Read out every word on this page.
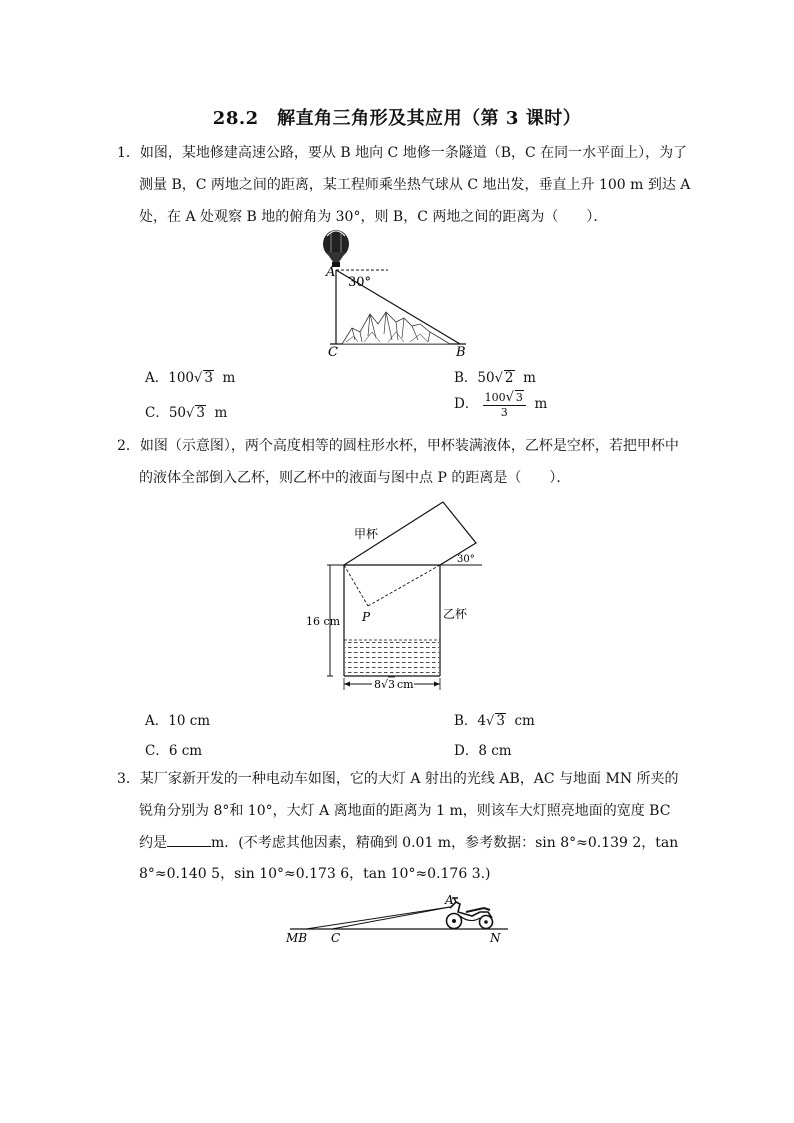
28.2　解直角三角形及其应用（第 3 课时）
1．如图，某地修建高速公路，要从 B 地向 C 地修一条隧道（B，C 在同一水平面上），为了
测量 B，C 两地之间的距离，某工程师乘坐热气球从 C 地出发，垂直上升 100 m 到达 A
处，在 A 处观察 B 地的俯角为 30°，则 B，C 两地之间的距离为（　　）．
A
30°
C	B
A．100√ 3 m	B．50√ 2 m
C．50√ 3 m
D． $\frac{100√ 3}{3}$ m
2．如图（示意图），两个高度相等的圆柱形水杯，甲杯装满液体，乙杯是空杯，若把甲杯中
的液体全部倒入乙杯，则乙杯中的液面与图中点 P 的距离是（　　）．
8 √ 3 cm
甲杯
30°
乙杯
16 cm P
A．10 cm	B．4√ 3 cm
C．6 cm	D．8 cm
3．某厂家新开发的一种电动车如图，它的大灯 A 射出的光线 AB，AC 与地面 MN 所夹的
锐角分别为 8°和 10°，大灯 A 离地面的距离为 1 m，则该车大灯照亮地面的宽度 BC
约是	m．(不考虑其他因素，精确到 0.01 m，参考数据：sin 8°≈0.139 2，tan
8°≈0.140 5，sin 10°≈0.173 6，tan 10°≈0.176 3.)
MB C
A
N
